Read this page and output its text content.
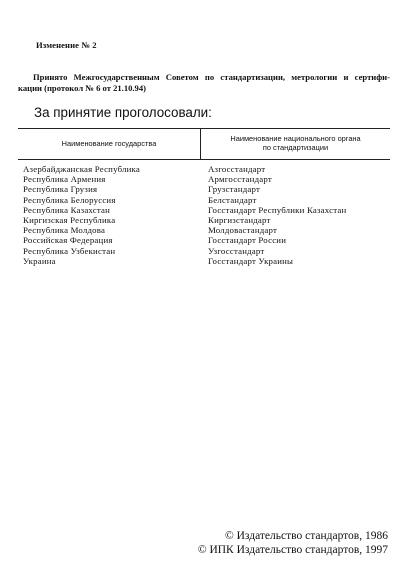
Изменение № 2
Принято Межгосударственным Советом по стандартизации, метрологии и сертифи-
кации (протокол № 6 от 21.10.94)
За принятие проголосовали:
Наименование государства
Наименование национального органа
по стандартизации
Азербайджанская Республика
Республика Армения
Республика Грузия
Республика Белоруссия
Республика Казахстан
Киргизская Республика
Республика Молдова
Российская Федерация
Республика Узбекистан
Украина
Азгосстандарт
Армгосстандарт
Грузстандарт
Белстандарт
Госстандарт Республики Казахстан
Киргизстандарт
Молдовастандарт
Госстандарт России
Узгосстандарт
Госстандарт Украины
© Издательство стандартов, 1986
© ИПК Издательство стандартов, 1997
